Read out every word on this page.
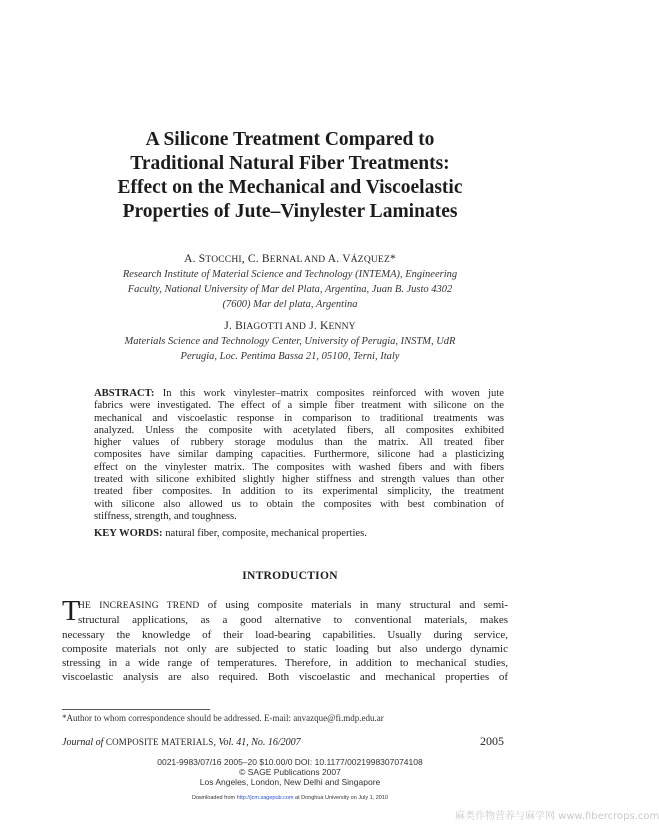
A Silicone Treatment Compared to
Traditional Natural Fiber Treatments:
Effect on the Mechanical and Viscoelastic
Properties of Jute–Vinylester Laminates
A. STOCCHI, C. BERNAL AND A. VÁZQUEZ*
Research Institute of Material Science and Technology (INTEMA), Engineering
Faculty, National University of Mar del Plata, Argentina, Juan B. Justo 4302
(7600) Mar del plata, Argentina
J. BIAGOTTI AND J. KENNY
Materials Science and Technology Center, University of Perugia, INSTM, UdR
Perugia, Loc. Pentima Bassa 21, 05100, Terni, Italy
ABSTRACT: In this work vinylester–matrix composites reinforced with woven jute
fabrics were investigated. The effect of a simple fiber treatment with silicone on the
mechanical and viscoelastic response in comparison to traditional treatments was
analyzed. Unless the composite with acetylated fibers, all composites exhibited
higher values of rubbery storage modulus than the matrix. All treated fiber
composites have similar damping capacities. Furthermore, silicone had a plasticizing
effect on the vinylester matrix. The composites with washed fibers and with fibers
treated with silicone exhibited slightly higher stiffness and strength values than other
treated fiber composites. In addition to its experimental simplicity, the treatment
with silicone also allowed us to obtain the composites with best combination of
stiffness, strength, and toughness.
KEY WORDS: natural fiber, composite, mechanical properties.
INTRODUCTION
T
HE INCREASING TREND of using composite materials in many structural and semi-
structural applications, as a good alternative to conventional materials, makes
necessary the knowledge of their load-bearing capabilities. Usually during service,
composite materials not only are subjected to static loading but also undergo dynamic
stressing in a wide range of temperatures. Therefore, in addition to mechanical studies,
viscoelastic analysis are also required. Both viscoelastic and mechanical properties of
*Author to whom correspondence should be addressed. E-mail: anvazque@fi.mdp.edu.ar
Journal of COMPOSITE MATERIALS, Vol. 41, No. 16/2007	2005
0021-9983/07/16 2005–20 $10.00/0 DOI: 10.1177/0021998307074108
© SAGE Publications 2007
Los Angeles, London, New Delhi and Singapore
Downloaded from http://jcm.sagepub.com at Donghua University on July 1, 2010
麻类作物营养与麻学网 www.fibercrops.com
